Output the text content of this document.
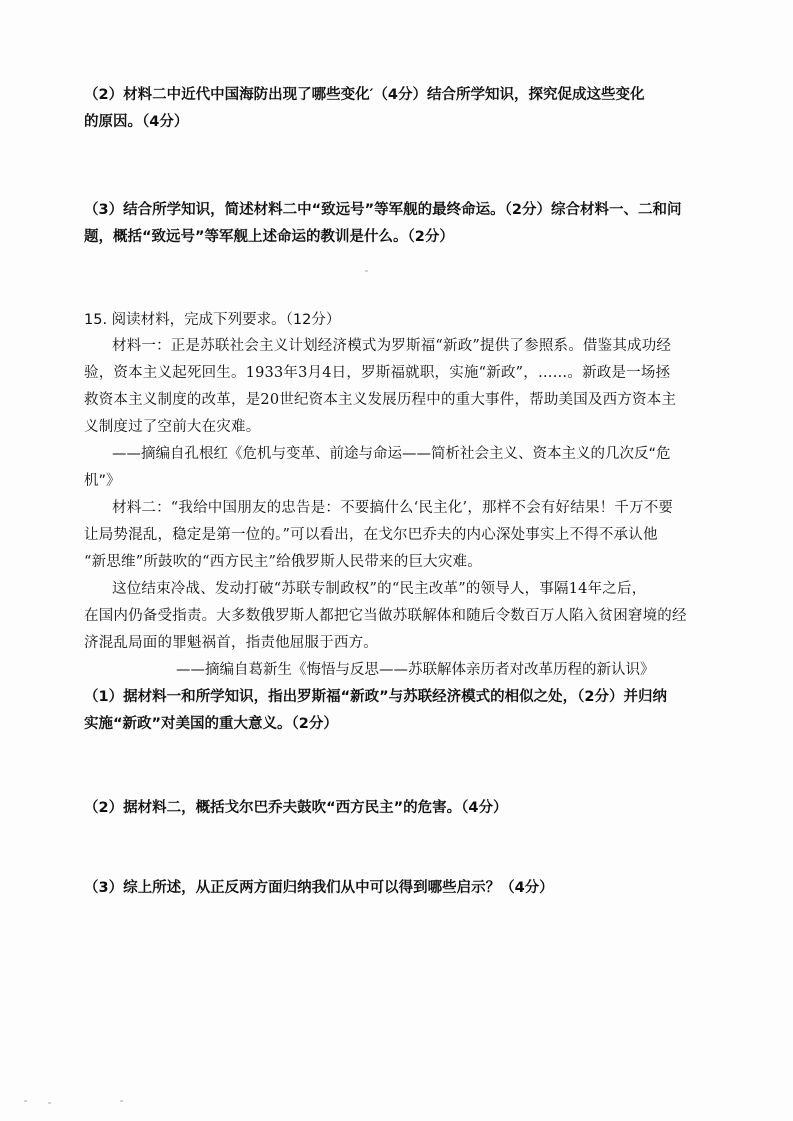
（2）材料二中近代中国海防出现了哪些变化′（4分）结合所学知识，探究促成这些变化
的原因。（4分）
（3）结合所学知识，简述材料二中“致远号”等军舰的最终命运。（2分）综合材料一、二和问
题，概括“致远号”等军舰上述命运的教训是什么。（2分）
15. 阅读材料，完成下列要求。（12分）
材料一：正是苏联社会主义计划经济模式为罗斯福“新政”提供了参照系。借鉴其成功经
验，资本主义起死回生。1933年3月4日，罗斯福就职，实施“新政”，……。新政是一场拯
救资本主义制度的改革，是20世纪资本主义发展历程中的重大事件，帮助美国及西方资本主
义制度过了空前大在灾难。
——摘编自孔根红《危机与变革、前途与命运——简析社会主义、资本主义的几次反“危
机”》
材料二：“我给中国朋友的忠告是：不要搞什么‘民主化’，那样不会有好结果！千万不要
让局势混乱，稳定是第一位的。”可以看出，在戈尔巴乔夫的内心深处事实上不得不承认他
“新思维”所鼓吹的“西方民主”给俄罗斯人民带来的巨大灾难。
这位结束冷战、发动打破“苏联专制政权”的“民主改革”的领导人，事隔14年之后，
在国内仍备受指责。大多数俄罗斯人都把它当做苏联解体和随后令数百万人陷入贫困窘境的经
济混乱局面的罪魁祸首，指责他屈服于西方。
——摘编自葛新生《悔悟与反思——苏联解体亲历者对改革历程的新认识》
（1）据材料一和所学知识，指出罗斯福“新政”与苏联经济模式的相似之处，（2分）并归纳
实施“新政”对美国的重大意义。（2分）
（2）据材料二，概括戈尔巴乔夫鼓吹“西方民主”的危害。（4分）
（3）综上所述，从正反两方面归纳我们从中可以得到哪些启示？（4分）
